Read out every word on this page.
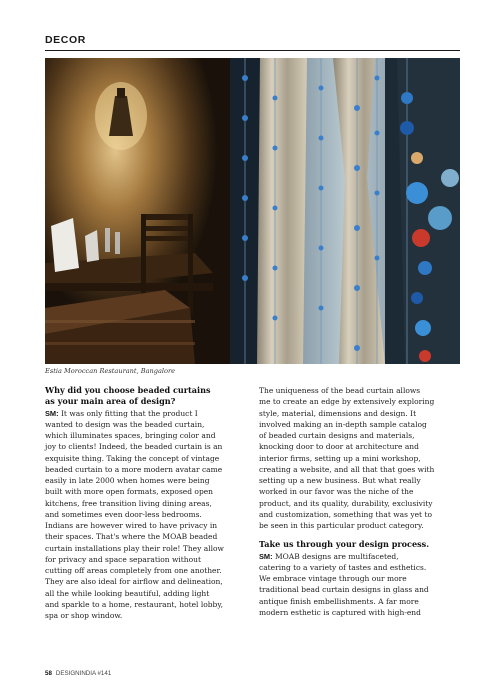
DECOR
Estia Moroccan Restaurant, Bangalore
Why did you choose beaded curtains
as your main area of design?
SM: It was only fitting that the product I
wanted to design was the beaded curtain,
which illuminates spaces, bringing color and
joy to clients! Indeed, the beaded curtain is an
exquisite thing. Taking the concept of vintage
beaded curtain to a more modern avatar came
easily in late 2000 when homes were being
built with more open formats, exposed open
kitchens, free transition living dining areas,
and sometimes even door-less bedrooms.
Indians are however wired to have privacy in
their spaces. That's where the MOAB beaded
curtain installations play their role! They allow
for privacy and space separation without
cutting off areas completely from one another.
They are also ideal for airflow and delineation,
all the while looking beautiful, adding light
and sparkle to a home, restaurant, hotel lobby,
spa or shop window.
The uniqueness of the bead curtain allows
me to create an edge by extensively exploring
style, material, dimensions and design. It
involved making an in-depth sample catalog
of beaded curtain designs and materials,
knocking door to door at architecture and
interior firms, setting up a mini workshop,
creating a website, and all that that goes with
setting up a new business. But what really
worked in our favor was the niche of the
product, and its quality, durability, exclusivity
and customization, something that was yet to
be seen in this particular product category.
Take us through your design process.
SM: MOAB designs are multifaceted,
catering to a variety of tastes and esthetics.
We embrace vintage through our more
traditional bead curtain designs in glass and
antique finish embellishments. A far more
modern esthetic is captured with high-end
58 DESIGNINDIA #141
